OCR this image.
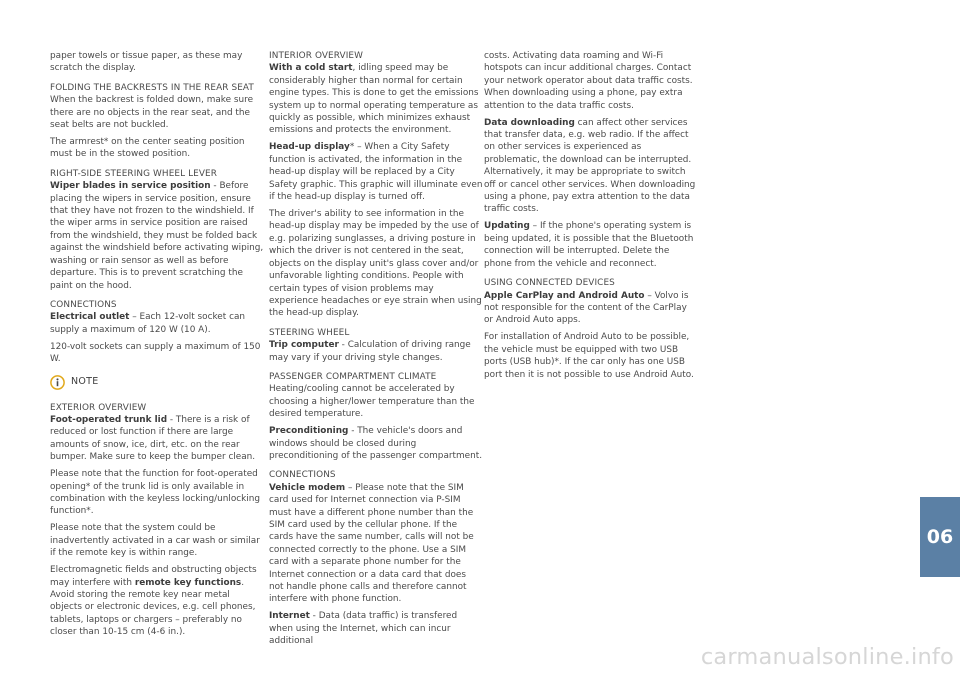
paper towels or tissue paper, as these may scratch the display.

FOLDING THE BACKRESTS IN THE REAR SEAT

When the backrest is folded down, make sure there are no objects in the rear seat, and the seat belts are not buckled.

The armrest* on the center seating position must be in the stowed position.

RIGHT-SIDE STEERING WHEEL LEVER

Wiper blades in service position - Before placing the wipers in service position, ensure that they have not frozen to the windshield. If the wiper arms in service position are raised from the windshield, they must be folded back against the windshield before activating wiping, washing or rain sensor as well as before departure. This is to prevent scratching the paint on the hood.

CONNECTIONS

Electrical outlet – Each 12-volt socket can supply a maximum of 120 W (10 A).

120-volt sockets can supply a maximum of 150 W.

NOTE
EXTERIOR OVERVIEW

Foot-operated trunk lid - There is a risk of reduced or lost function if there are large amounts of snow, ice, dirt, etc. on the rear bumper. Make sure to keep the bumper clean.

Please note that the function for foot-operated opening* of the trunk lid is only available in combination with the keyless locking/unlocking function*.

Please note that the system could be inadvertently activated in a car wash or similar if the remote key is within range.

Electromagnetic fields and obstructing objects may interfere with remote key functions. Avoid storing the remote key near metal objects or electronic devices, e.g. cell phones, tablets, laptops or chargers – preferably no closer than 10-15 cm (4-6 in.).

INTERIOR OVERVIEW

With a cold start, idling speed may be considerably higher than normal for certain engine types. This is done to get the emissions system up to normal operating temperature as quickly as possible, which minimizes exhaust emissions and protects the environment.

Head-up display* – When a City Safety function is activated, the information in the head-up display will be replaced by a City Safety graphic. This graphic will illuminate even if the head-up display is turned off.

The driver's ability to see information in the head-up display may be impeded by the use of e.g. polarizing sunglasses, a driving posture in which the driver is not centered in the seat, objects on the display unit's glass cover and/or unfavorable lighting conditions. People with certain types of vision problems may experience headaches or eye strain when using the head-up display.

STEERING WHEEL

Trip computer - Calculation of driving range may vary if your driving style changes.

PASSENGER COMPARTMENT CLIMATE

Heating/cooling cannot be accelerated by choosing a higher/lower temperature than the desired temperature.

Preconditioning - The vehicle's doors and windows should be closed during preconditioning of the passenger compartment.

CONNECTIONS

Vehicle modem – Please note that the SIM card used for Internet connection via P-SIM must have a different phone number than the SIM card used by the cellular phone. If the cards have the same number, calls will not be connected correctly to the phone. Use a SIM card with a separate phone number for the Internet connection or a data card that does not handle phone calls and therefore cannot interfere with phone function.

Internet - Data (data traffic) is transfered when using the Internet, which can incur additional

costs. Activating data roaming and Wi-Fi hotspots can incur additional charges. Contact your network operator about data traffic costs. When downloading using a phone, pay extra attention to the data traffic costs.

Data downloading can affect other services that transfer data, e.g. web radio. If the affect on other services is experienced as problematic, the download can be interrupted. Alternatively, it may be appropriate to switch off or cancel other services. When downloading using a phone, pay extra attention to the data traffic costs.

Updating – If the phone's operating system is being updated, it is possible that the Bluetooth connection will be interrupted. Delete the phone from the vehicle and reconnect.

USING CONNECTED DEVICES

Apple CarPlay and Android Auto – Volvo is not responsible for the content of the CarPlay or Android Auto apps.

For installation of Android Auto to be possible, the vehicle must be equipped with two USB ports (USB hub)*. If the car only has one USB port then it is not possible to use Android Auto.

06
carmanualsonline.info
